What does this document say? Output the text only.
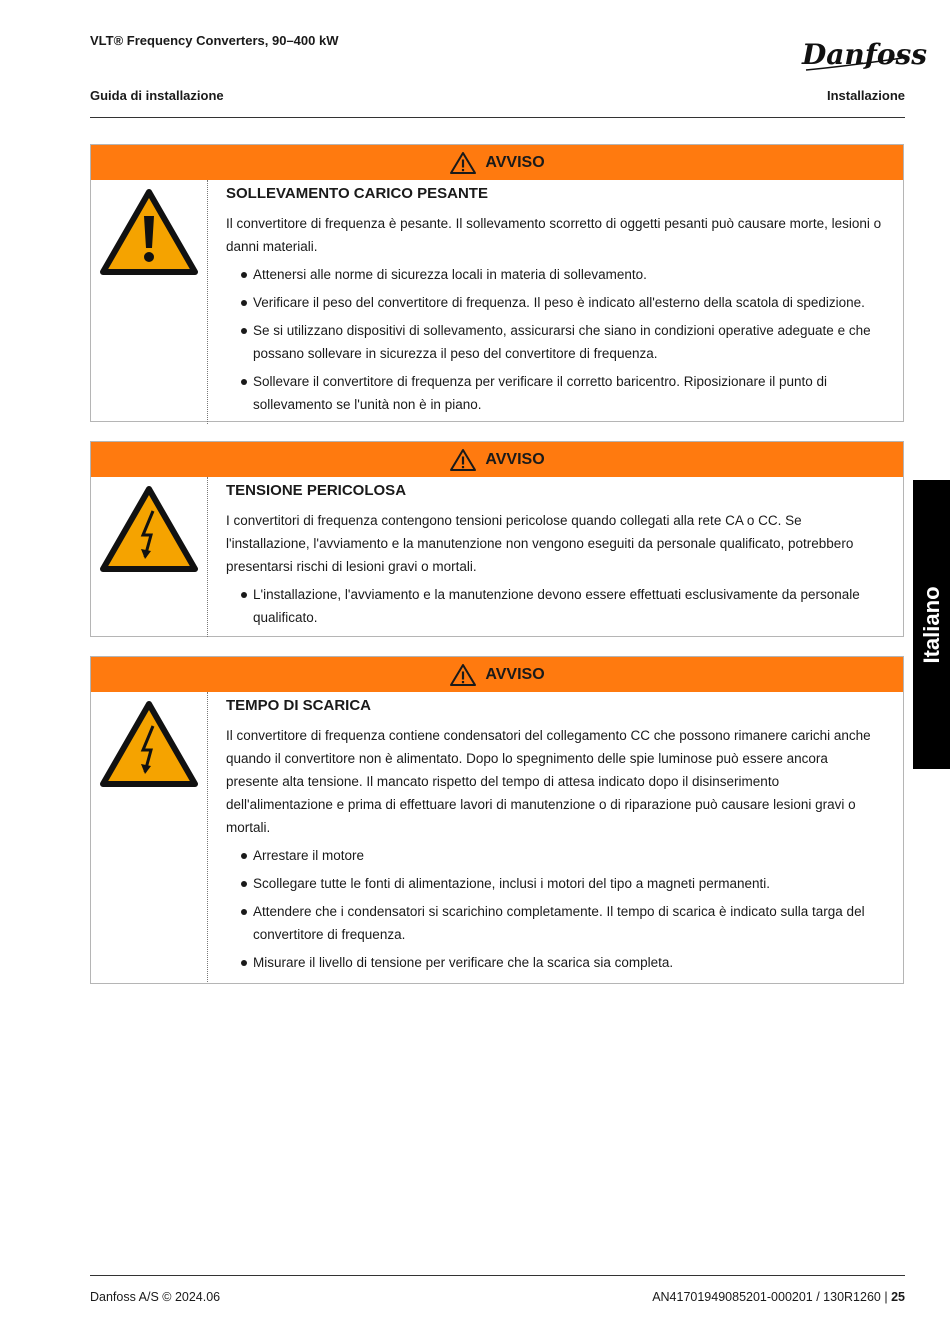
VLT® Frequency Converters, 90–400 kW
Guida di installazione	Installazione
Danfoss
Italiano
AVVISO
SOLLEVAMENTO CARICO PESANTE
Il convertitore di frequenza è pesante. Il sollevamento scorretto di oggetti pesanti può causare morte, lesioni o danni materiali.
Attenersi alle norme di sicurezza locali in materia di sollevamento.
Verificare il peso del convertitore di frequenza. Il peso è indicato all'esterno della scatola di spedizione.
Se si utilizzano dispositivi di sollevamento, assicurarsi che siano in condizioni operative adeguate e che possano sollevare in sicurezza il peso del convertitore di frequenza.
Sollevare il convertitore di frequenza per verificare il corretto baricentro. Riposizionare il punto di sollevamento se l'unità non è in piano.
AVVISO
TENSIONE PERICOLOSA
I convertitori di frequenza contengono tensioni pericolose quando collegati alla rete CA o CC. Se l'installazione, l'avviamento e la manutenzione non vengono eseguiti da personale qualificato, potrebbero presentarsi rischi di lesioni gravi o mortali.
L'installazione, l'avviamento e la manutenzione devono essere effettuati esclusivamente da personale qualificato.
AVVISO
TEMPO DI SCARICA
Il convertitore di frequenza contiene condensatori del collegamento CC che possono rimanere carichi anche quando il convertitore non è alimentato. Dopo lo spegnimento delle spie luminose può essere ancora presente alta tensione. Il mancato rispetto del tempo di attesa indicato dopo il disinserimento dell'alimentazione e prima di effettuare lavori di manutenzione o di riparazione può causare lesioni gravi o mortali.
Arrestare il motore
Scollegare tutte le fonti di alimentazione, inclusi i motori del tipo a magneti permanenti.
Attendere che i condensatori si scarichino completamente. Il tempo di scarica è indicato sulla targa del convertitore di frequenza.
Misurare il livello di tensione per verificare che la scarica sia completa.
Danfoss A/S © 2024.06	AN41701949085201-000201 / 130R1260 | 25
